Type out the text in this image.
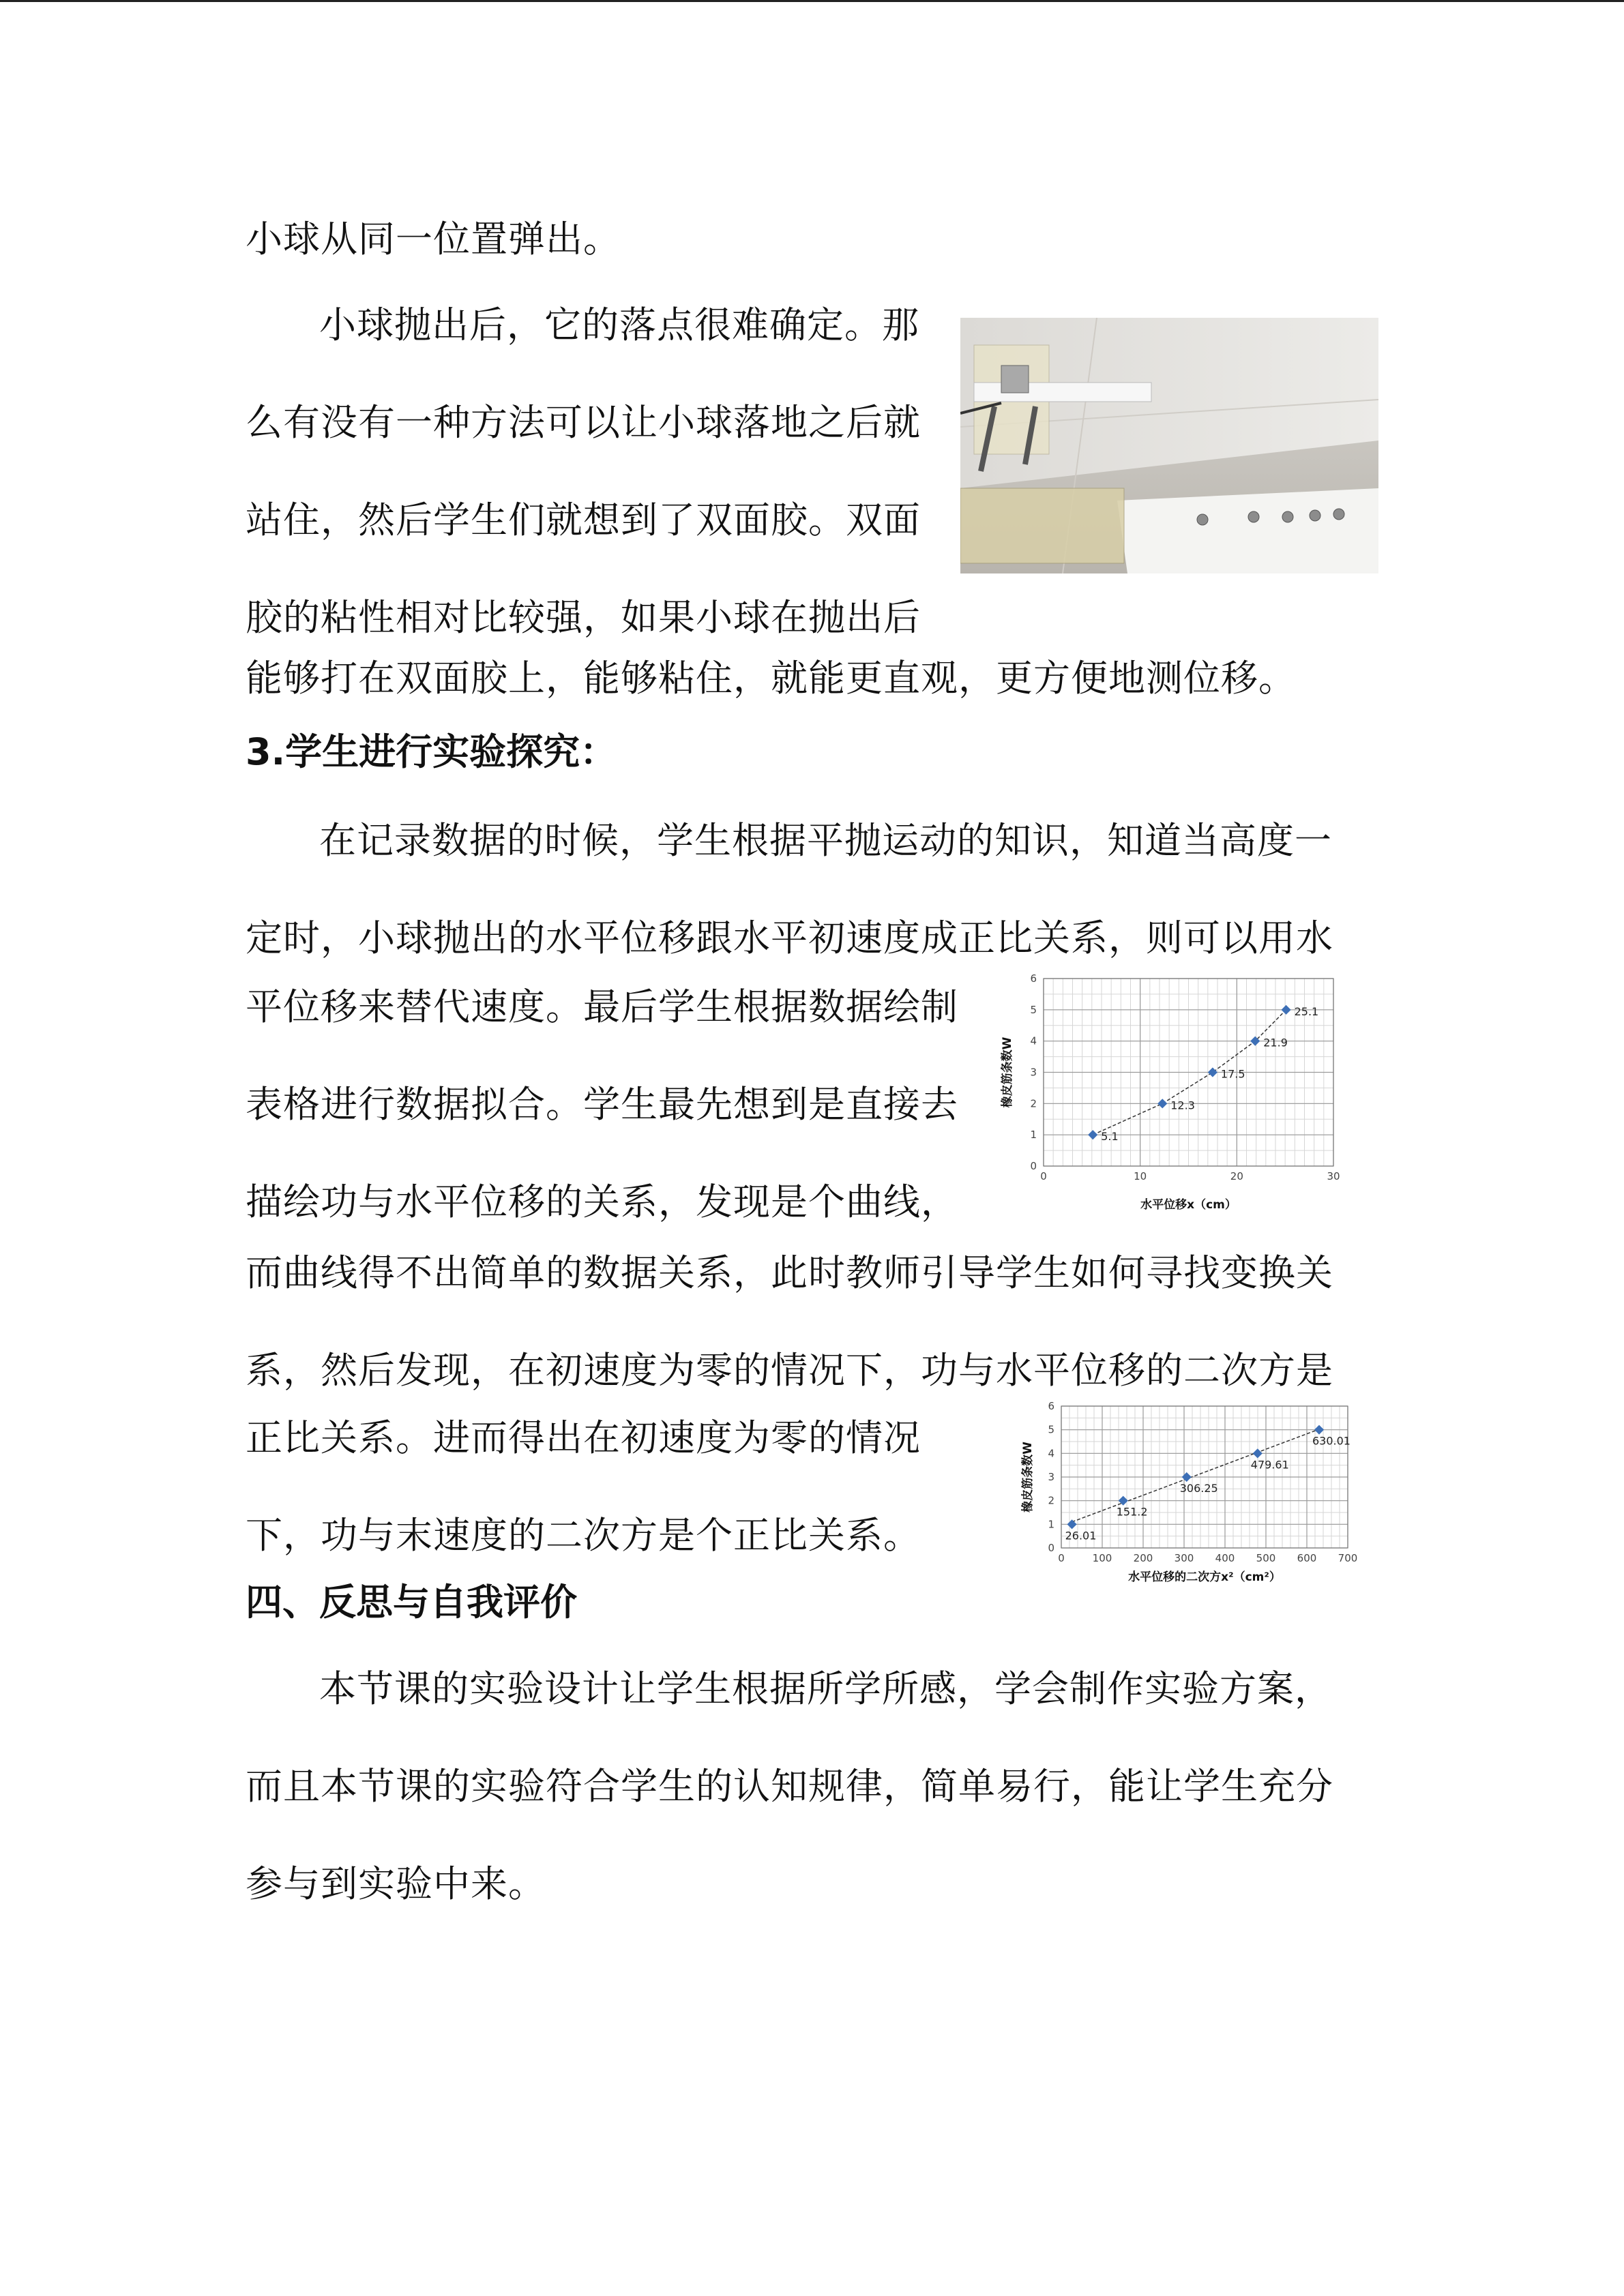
小球从同一位置弹出。

小球抛出后，它的落点很难确定。那么有没有一种方法可以让小球落地之后就站住，然后学生们就想到了双面胶。双面胶的粘性相对比较强，如果小球在抛出后

能够打在双面胶上，能够粘住，就能更直观，更方便地测位移。

3.学生进行实验探究：

在记录数据的时候，学生根据平抛运动的知识，知道当高度一定时，小球抛出的水平位移跟水平初速度成正比关系，则可以用水

平位移来替代速度。最后学生根据数据绘制表格进行数据拟合。学生最先想到是直接去描绘功与水平位移的关系，发现是个曲线，

0	10	20	30
0
1
2
3
4
5
6
5.1
12.3
17.5
21.9
25.1
水平位移x（cm）
橡皮筋条数W

而曲线得不出简单的数据关系，此时教师引导学生如何寻找变换关系，然后发现，在初速度为零的情况下，功与水平位移的二次方是

正比关系。进而得出在初速度为零的情况下，功与末速度的二次方是个正比关系。

0	100 200 300 400 500 600 700
0
1
2
3
4
5
6
26.01
151.2
306.25
479.61
630.01
水平位移的二次方x²（cm²）
橡皮筋条数W

四、反思与自我评价

本节课的实验设计让学生根据所学所感，学会制作实验方案，而且本节课的实验符合学生的认知规律，简单易行，能让学生充分参与到实验中来。
